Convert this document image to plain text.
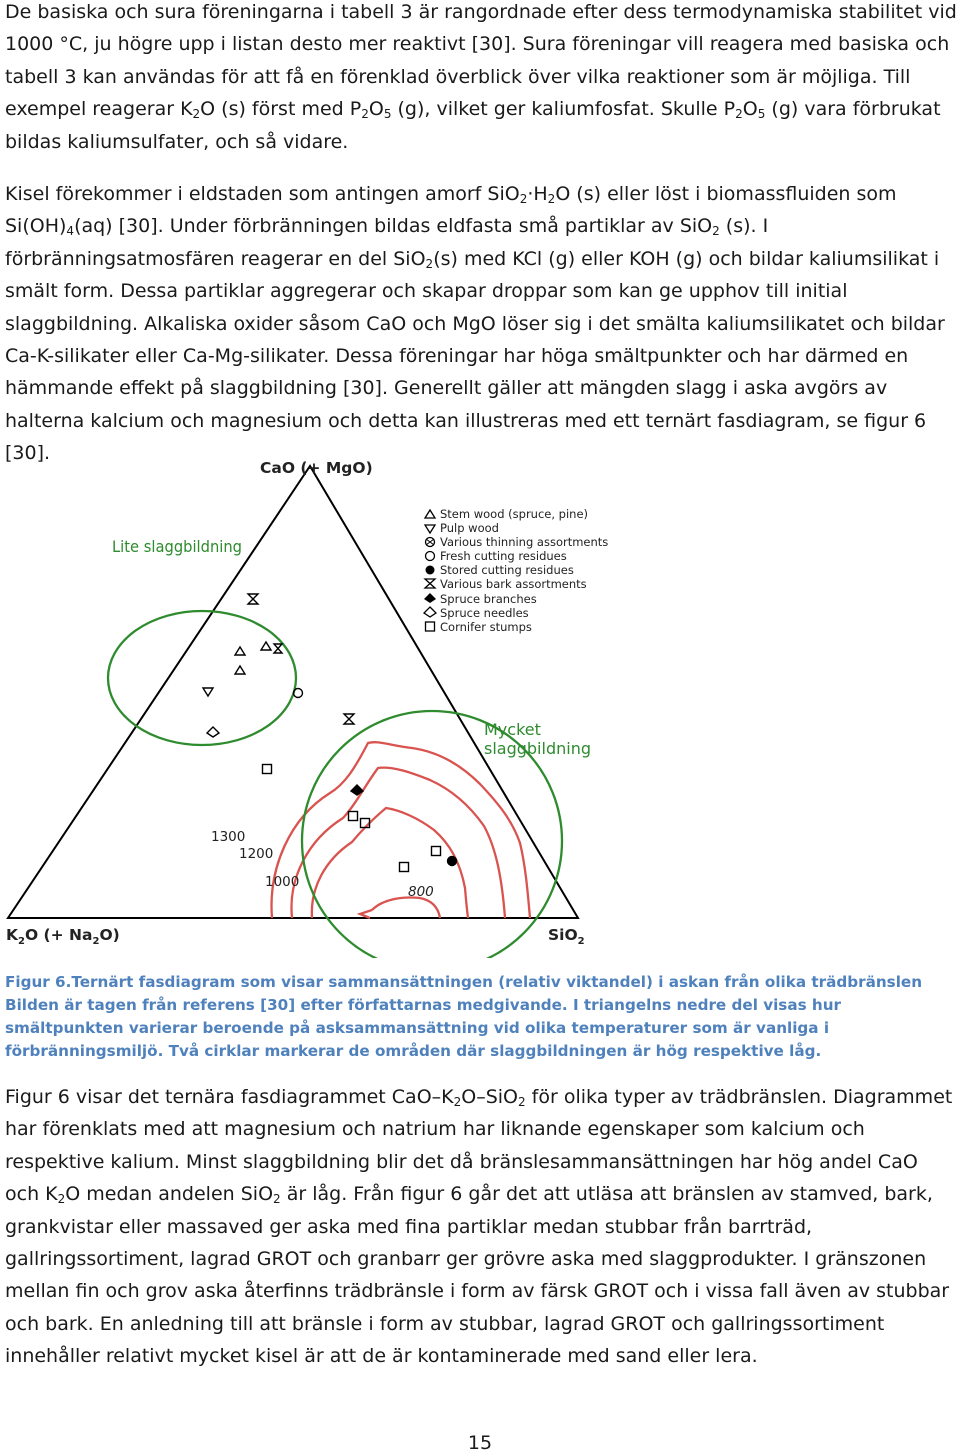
De basiska och sura föreningarna i tabell 3 är rangordnade efter dess termodynamiska stabilitet vid 1000 °C, ju högre upp i listan desto mer reaktivt [30]. Sura föreningar vill reagera med basiska och tabell 3 kan användas för att få en förenklad överblick över vilka reaktioner som är möjliga. Till exempel reagerar $K_2O$ (s) först med $P_2O_5$ (g), vilket ger kaliumfosfat. Skulle $P_2O_5$ (g) vara förbrukat bildas kaliumsulfater, och så vidare.

Kisel förekommer i eldstaden som antingen amorf $SiO_2\cdot H_2O$ (s) eller löst i biomassfluiden som $Si(OH)_4(aq)$ [30]. Under förbränningen bildas eldfasta små partiklar av SiO$_2$ (s). I förbränningsatmosfären reagerar en del SiO$_2$(s) med KCl (g) eller KOH (g) och bildar kaliumsilikat i smält form. Dessa partiklar aggregerar och skapar droppar som kan ge upphov till initial slaggbildning. Alkaliska oxider såsom CaO och MgO löser sig i det smälta kaliumsilikatet och bildar Ca-K-silikater eller Ca-Mg-silikater. Dessa föreningar har höga smältpunkter och har därmed en hämmande effekt på slaggbildning [30]. Generellt gäller att mängden slagg i aska avgörs av halterna kalcium och magnesium och detta kan illustreras med ett ternärt fasdiagram, se figur 6 [30].

CaO (+ MgO)
$K_2O$ (+ $Na_2O$)	SiO$_2$
Lite slaggbildning
Mycket
slaggbildning
1300
1200
1000
800
Stem wood (spruce, pine)
Pulp wood
Various thinning assortments
Fresh cutting residues
Stored cutting residues
Various bark assortments
Spruce branches
Spruce needles
Cornifer stumps

Figur 6.Ternärt fasdiagram som visar sammansättningen (relativ viktandel) i askan från olika trädbränslen Bilden är tagen från referens [30] efter författarnas medgivande. I triangelns nedre del visas hur smältpunkten varierar beroende på asksammansättning vid olika temperaturer som är vanliga i förbränningsmiljö. Två cirklar markerar de områden där slaggbildningen är hög respektive låg.

Figur 6 visar det ternära fasdiagrammet CaO–$K_2O-SiO_2$ för olika typer av trädbränslen. Diagrammet har förenklats med att magnesium och natrium har liknande egenskaper som kalcium och respektive kalium. Minst slaggbildning blir det då bränslesammansättningen har hög andel CaO och $K_2O$ medan andelen SiO$_2$ är låg. Från figur 6 går det att utläsa att bränslen av stamved, bark, grankvistar eller massaved ger aska med fina partiklar medan stubbar från barrträd, gallringssortiment, lagrad GROT och granbarr ger grövre aska med slaggprodukter. I gränszonen mellan fin och grov aska återfinns trädbränsle i form av färsk GROT och i vissa fall även av stubbar och bark. En anledning till att bränsle i form av stubbar, lagrad GROT och gallringssortiment innehåller relativt mycket kisel är att de är kontaminerade med sand eller lera.

15
